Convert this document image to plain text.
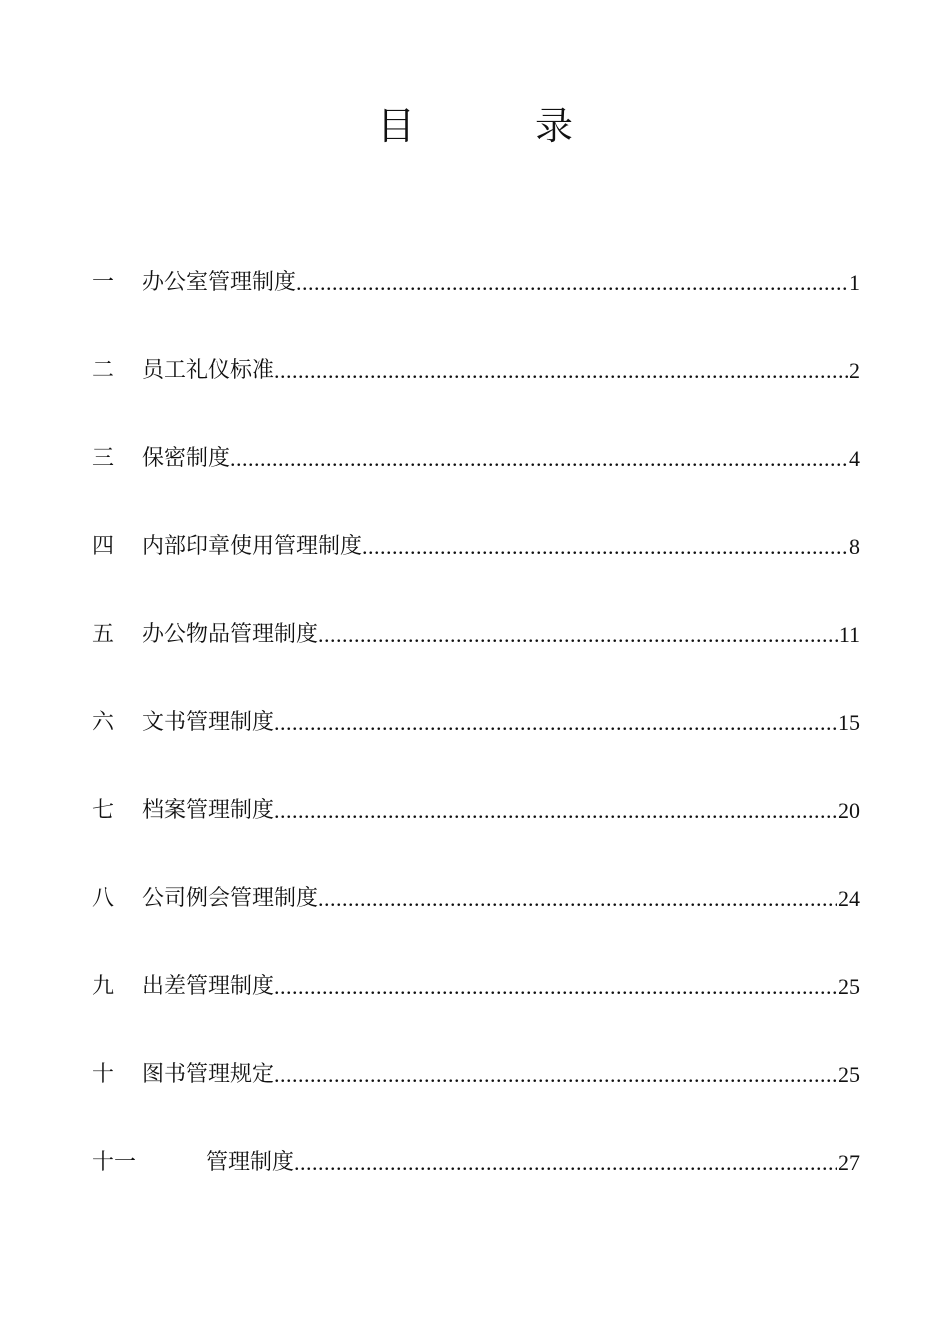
目	录
一	办公室管理制度 .....	1
二	员工礼仪标准 .....	2
三	保密制度 .....	4
四	内部印章使用管理制度 .....	8
五	办公物品管理制度 .....	11
六	文书管理制度 .....	15
七	档案管理制度 .....	20
八	公司例会管理制度 .....	24
九	出差管理制度 .....	25
十	图书管理规定 .....	25
十一	管理制度 .....	27
